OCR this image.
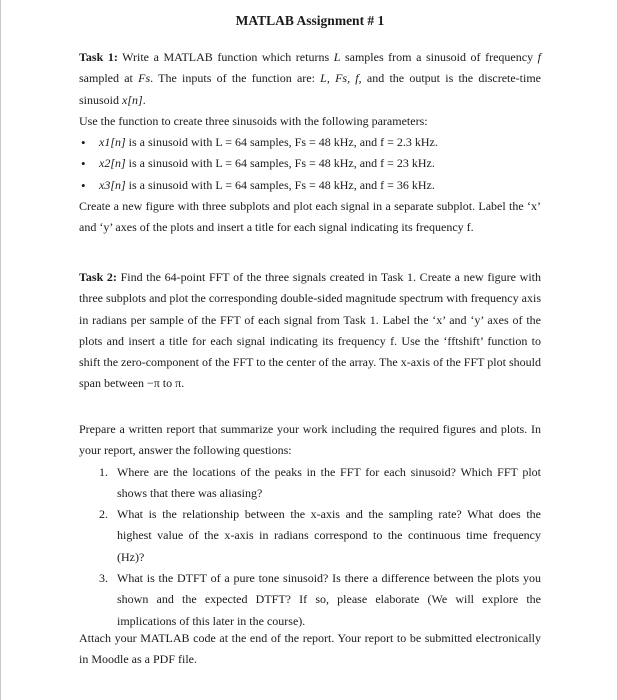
MATLAB Assignment # 1

Task 1: Write a MATLAB function which returns L samples from a sinusoid of frequency f sampled at Fs. The inputs of the function are: L, Fs, f, and the output is the discrete-time sinusoid x[n].

Use the function to create three sinusoids with the following parameters:

• x1[n] is a sinusoid with L = 64 samples, Fs = 48 kHz, and f = 2.3 kHz.
• x2[n] is a sinusoid with L = 64 samples, Fs = 48 kHz, and f = 23 kHz.
• x3[n] is a sinusoid with L = 64 samples, Fs = 48 kHz, and f = 36 kHz.

Create a new figure with three subplots and plot each signal in a separate subplot. Label the ‘x’ and ‘y’ axes of the plots and insert a title for each signal indicating its frequency f.

Task 2: Find the 64-point FFT of the three signals created in Task 1. Create a new figure with three subplots and plot the corresponding double-sided magnitude spectrum with frequency axis in radians per sample of the FFT of each signal from Task 1. Label the ‘x’ and ‘y’ axes of the plots and insert a title for each signal indicating its frequency f. Use the ‘fftshift’ function to shift the zero-component of the FFT to the center of the array. The x-axis of the FFT plot should span between −π to π.

Prepare a written report that summarize your work including the required figures and plots. In your report, answer the following questions:

1. Where are the locations of the peaks in the FFT for each sinusoid? Which FFT plot shows that there was aliasing?
2. What is the relationship between the x-axis and the sampling rate? What does the highest value of the x-axis in radians correspond to the continuous time frequency (Hz)?
3. What is the DTFT of a pure tone sinusoid? Is there a difference between the plots you shown and the expected DTFT? If so, please elaborate (We will explore the implications of this later in the course).
Attach your MATLAB code at the end of the report. Your report to be submitted electronically in Moodle as a PDF file.
